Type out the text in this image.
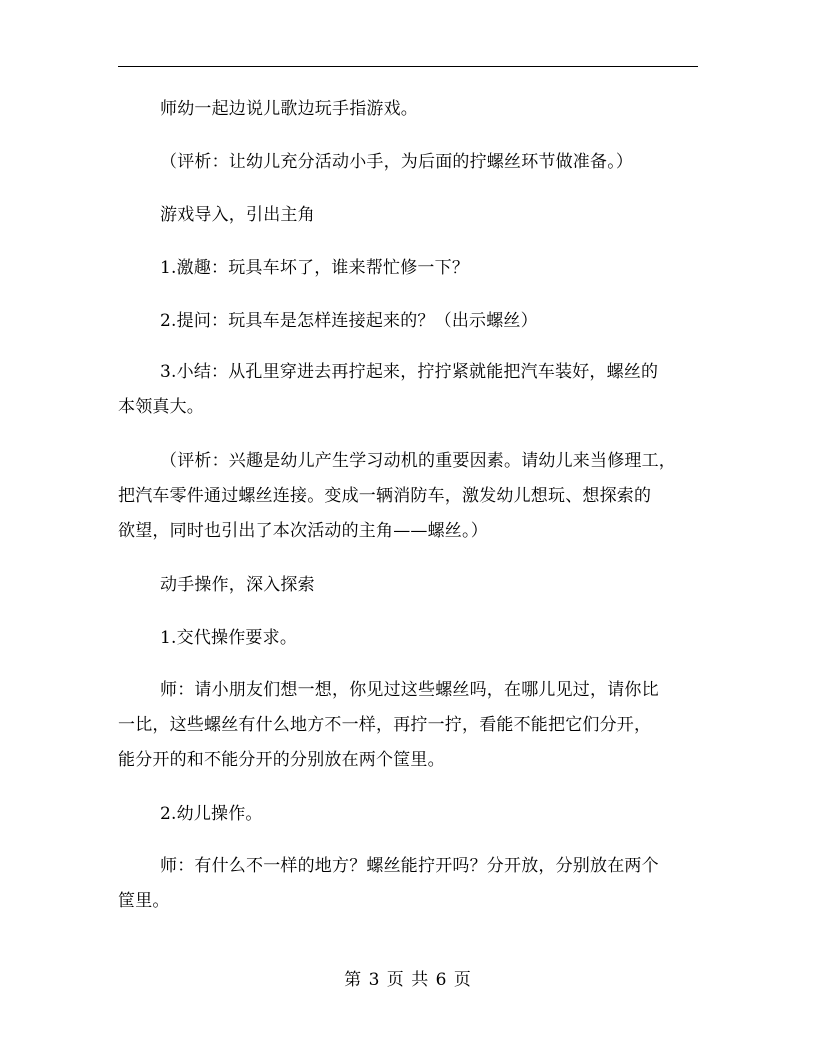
师幼一起边说儿歌边玩手指游戏。
（评析：让幼儿充分活动小手，为后面的拧螺丝环节做准备。）
游戏导入，引出主角
1.激趣：玩具车坏了，谁来帮忙修一下？
2.提问：玩具车是怎样连接起来的？（出示螺丝）
3.小结：从孔里穿进去再拧起来，拧拧紧就能把汽车装好，螺丝的
本领真大。
（评析：兴趣是幼儿产生学习动机的重要因素。请幼儿来当修理工，
把汽车零件通过螺丝连接。变成一辆消防车，激发幼儿想玩、想探索的
欲望，同时也引出了本次活动的主角——螺丝。）
动手操作，深入探索
1.交代操作要求。
师：请小朋友们想一想，你见过这些螺丝吗，在哪儿见过，请你比
一比，这些螺丝有什么地方不一样，再拧一拧，看能不能把它们分开，
能分开的和不能分开的分别放在两个筐里。
2.幼儿操作。
师：有什么不一样的地方？螺丝能拧开吗？分开放，分别放在两个
筐里。
第 3 页 共 6 页
